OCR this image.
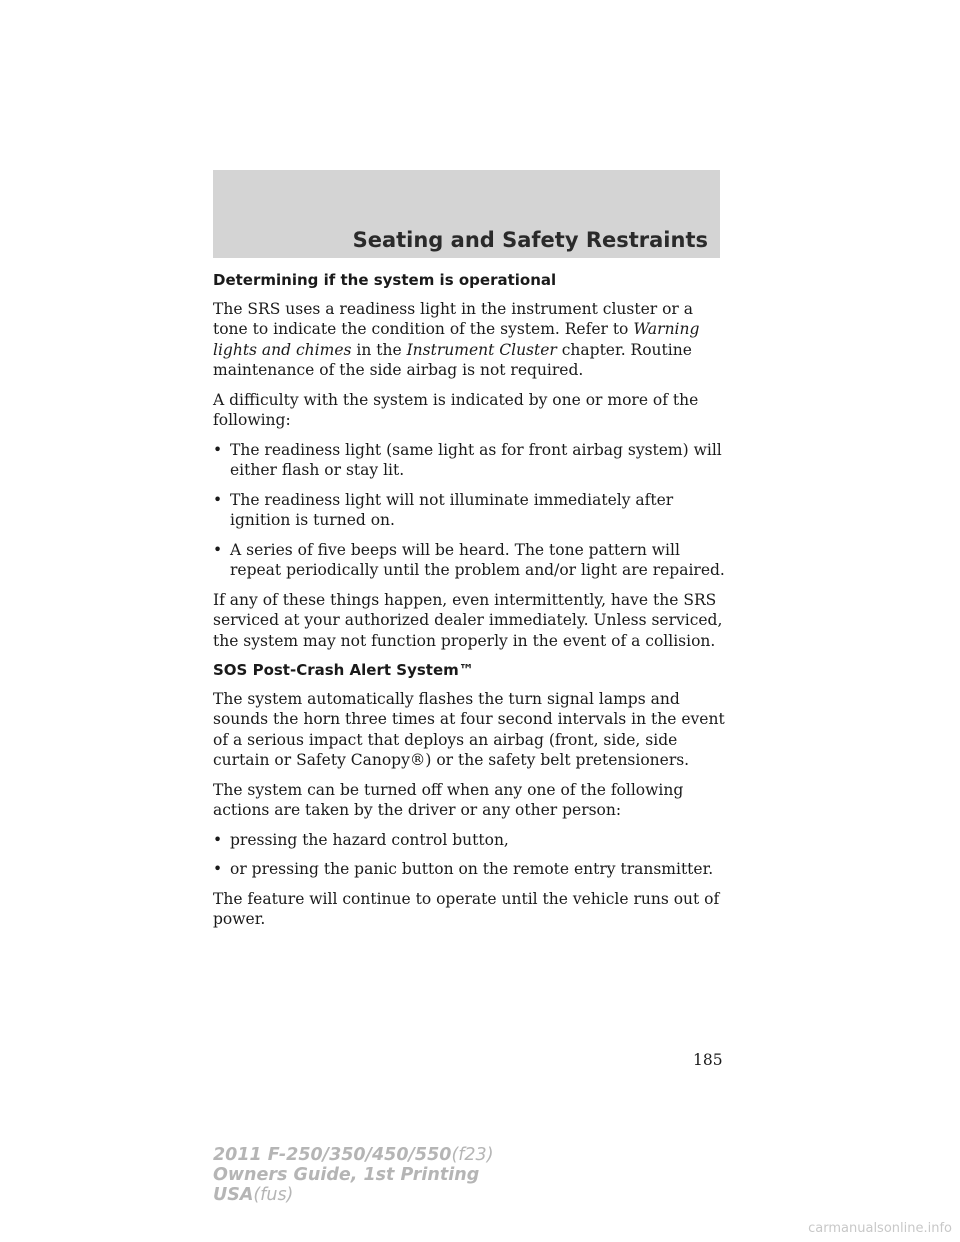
Seating and Safety Restraints
Determining if the system is operational

The SRS uses a readiness light in the instrument cluster or a tone to indicate the condition of the system. Refer to Warning lights and chimes in the Instrument Cluster chapter. Routine maintenance of the side airbag is not required.

A difficulty with the system is indicated by one or more of the following:

• The readiness light (same light as for front airbag system) will either flash or stay lit.
• The readiness light will not illuminate immediately after ignition is turned on.
• A series of five beeps will be heard. The tone pattern will repeat periodically until the problem and/or light are repaired.

If any of these things happen, even intermittently, have the SRS serviced at your authorized dealer immediately. Unless serviced, the system may not function properly in the event of a collision.

SOS Post-Crash Alert System™

The system automatically flashes the turn signal lamps and sounds the horn three times at four second intervals in the event of a serious impact that deploys an airbag (front, side, side curtain or Safety Canopy®) or the safety belt pretensioners.

The system can be turned off when any one of the following actions are taken by the driver or any other person:

• pressing the hazard control button,
• or pressing the panic button on the remote entry transmitter.

The feature will continue to operate until the vehicle runs out of power.

185
2011 F-250/350/450/550(f23)
Owners Guide, 1st Printing
USA(fus)
carmanualsonline.info
